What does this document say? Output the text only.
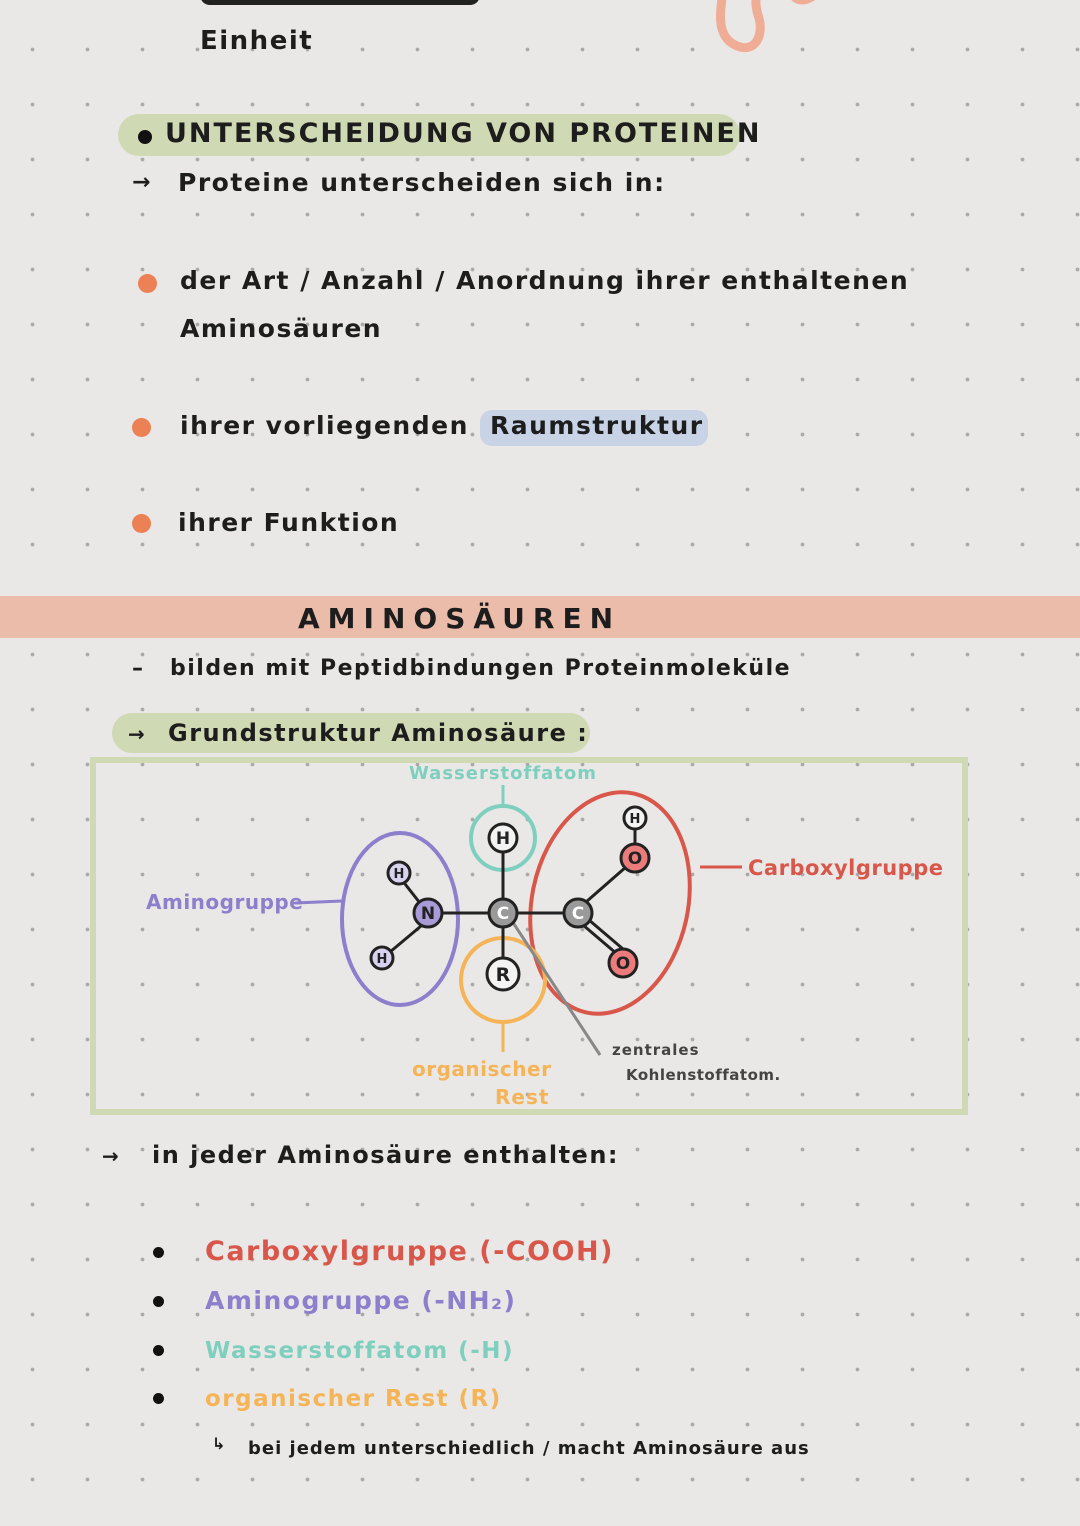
Einheit
UNTERSCHEIDUNG VON PROTEINEN
→ Proteine unterscheiden sich in:
der Art / Anzahl / Anordnung ihrer enthaltenen
Aminosäuren
ihrer vorliegenden Raumstruktur
ihrer Funktion
AMINOSÄUREN
– bilden mit Peptidbindungen Proteinmoleküle
→ Grundstruktur Aminosäure :
H
H
H
N	C	C
H
O
O
R
Wasserstoffatom
Aminogruppe
Carboxylgruppe
zentrales
Kohlenstoffatom.
organischer
Rest
→ in jeder Aminosäure enthalten:
Carboxylgruppe (-COOH)
Aminogruppe (-NH₂)
Wasserstoffatom (-H)
organischer Rest (R)
↳ bei jedem unterschiedlich / macht Aminosäure aus
